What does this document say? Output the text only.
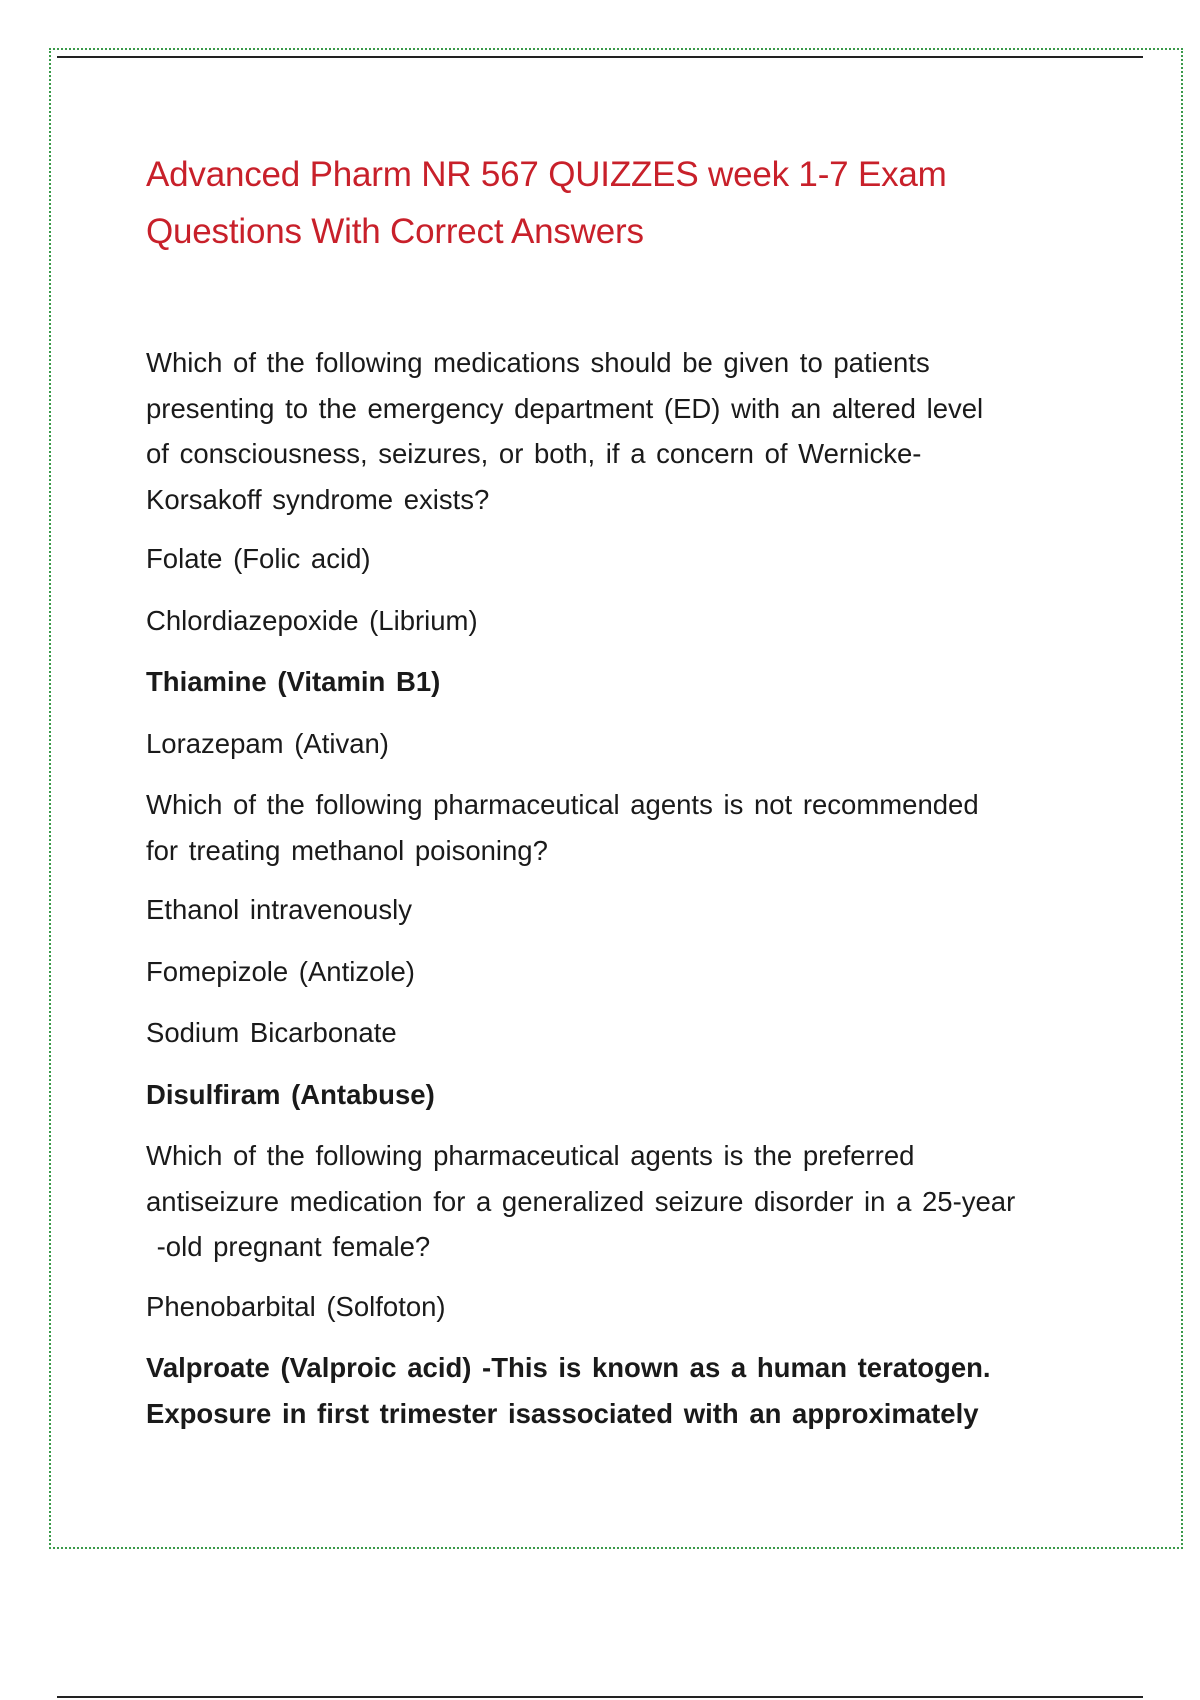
Advanced Pharm NR 567 QUIZZES week 1-7 Exam
Questions With Correct Answers
Which of the following medications should be given to patients
presenting to the emergency department (ED) with an altered level
of consciousness, seizures, or both, if a concern of Wernicke-
Korsakoff syndrome exists?
Folate (Folic acid)
Chlordiazepoxide (Librium)
Thiamine (Vitamin B1)
Lorazepam (Ativan)
Which of the following pharmaceutical agents is not recommended
for treating methanol poisoning?
Ethanol intravenously
Fomepizole (Antizole)
Sodium Bicarbonate
Disulfiram (Antabuse)
Which of the following pharmaceutical agents is the preferred
antiseizure medication for a generalized seizure disorder in a 25-year
-old pregnant female?
Phenobarbital (Solfoton)
Valproate (Valproic acid) -This is known as a human teratogen.
Exposure in first trimester isassociated with an approximately
